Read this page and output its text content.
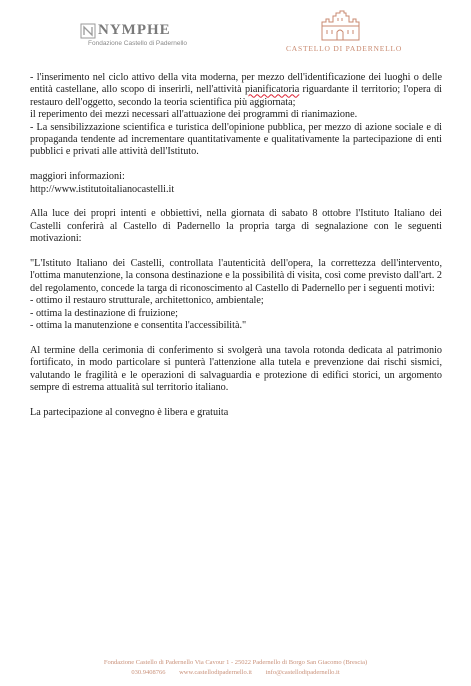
NYMPHE
Fondazione Castello di Padernello
CASTELLO DI PADERNELLO

- l'inserimento nel ciclo attivo della vita moderna, per mezzo dell'identificazione dei luoghi o delle entità castellane, allo scopo di inserirli, nell'attività pianificatoria riguardante il territorio; l'opera di restauro dell'oggetto, secondo la teoria scientifica più aggiornata;
il reperimento dei mezzi necessari all'attuazione dei programmi di rianimazione.
- La sensibilizzazione scientifica e turistica dell'opinione pubblica, per mezzo di azione sociale e di propaganda tendente ad incrementare quantitativamente e qualitativamente la partecipazione di enti pubblici e privati alle attività dell'Istituto.

maggiori informazioni:
http://www.istitutoitalianocastelli.it

Alla luce dei propri intenti e obbiettivi, nella giornata di sabato 8 ottobre l'Istituto Italiano dei Castelli conferirà al Castello di Padernello la propria targa di segnalazione con le seguenti motivazioni:

"L'Istituto Italiano dei Castelli, controllata l'autenticità dell'opera, la correttezza dell'intervento, l'ottima manutenzione, la consona destinazione e la possibilità di visita, così come previsto dall'art. 2 del regolamento, concede la targa di riconoscimento al Castello di Padernello per i seguenti motivi:
- ottimo il restauro strutturale, architettonico, ambientale;
- ottima la destinazione di fruizione;
- ottima la manutenzione e consentita l'accessibilità."

Al termine della cerimonia di conferimento si svolgerà una tavola rotonda dedicata al patrimonio fortificato, in modo particolare si punterà l'attenzione alla tutela e prevenzione dai rischi sismici, valutando le fragilità e le operazioni di salvaguardia e protezione di edifici storici, un argomento sempre di estrema attualità sul territorio italiano.

La partecipazione al convegno è libera e gratuita

Fondazione Castello di Padernello Via Cavour 1 - 25022 Padernello di Borgo San Giacomo (Brescia)
030.9408766 www.castellodipadernello.it info@castellodipadernello.it
